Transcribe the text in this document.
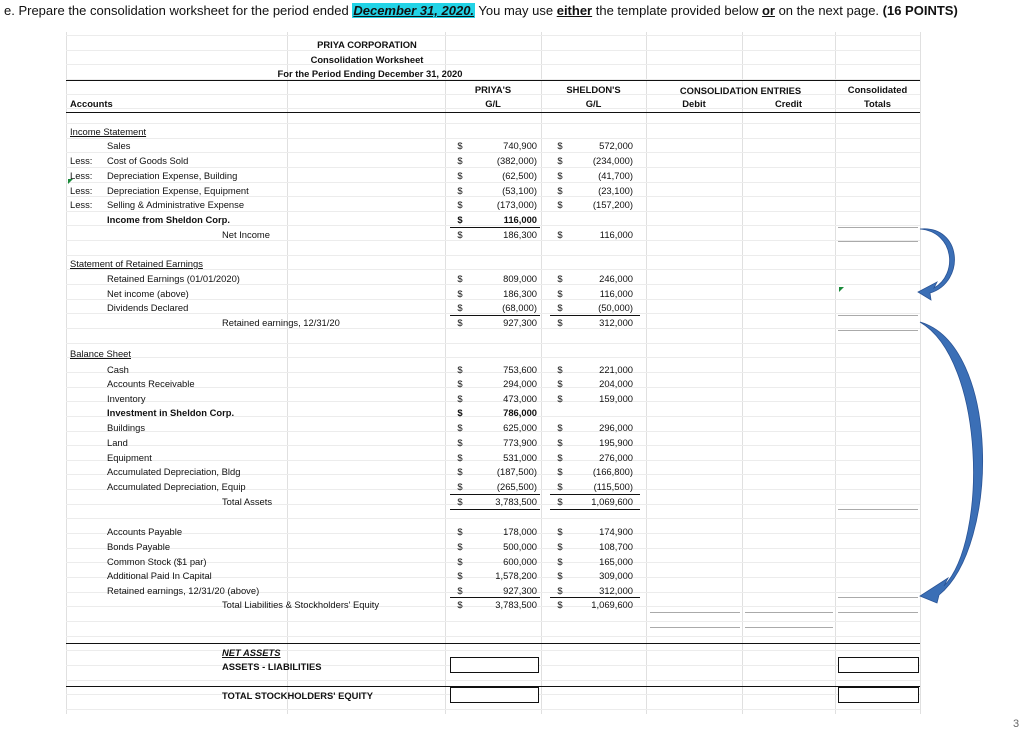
e. Prepare the consolidation worksheet for the period ended December 31, 2020. You may use either the template provided below or on the next page. (16 POINTS)
PRIYA CORPORATION
Consolidation Worksheet
For the Period Ending December 31, 2020
PRIYA'S
G/L
SHELDON'S
G/L
CONSOLIDATION ENTRIES
Debit	Credit
Consolidated
Totals
Accounts
Income Statement
Sales	$	740,900 $	572,000
Less: Cost of Goods Sold	$	(382,000) $	(234,000)
Less: Depreciation Expense, Building	$	(62,500) $	(41,700)
Less: Depreciation Expense, Equipment	$	(53,100) $	(23,100)
Less: Selling & Administrative Expense	$	(173,000) $	(157,200)
Income from Sheldon Corp.	$	116,000
Net Income	$	186,300 $	116,000
Statement of Retained Earnings
Retained Earnings (01/01/2020)	$	809,000 $	246,000
Net income (above)	$	186,300 $	116,000
Dividends Declared	$	(68,000) $	(50,000)
Retained earnings, 12/31/20	$	927,300 $	312,000
Balance Sheet
Cash	$	753,600 $	221,000
Accounts Receivable	$	294,000 $	204,000
Inventory	$	473,000 $	159,000
Investment in Sheldon Corp.	$	786,000
Buildings	$	625,000 $	296,000
Land	$	773,900 $	195,900
Equipment	$	531,000 $	276,000
Accumulated Depreciation, Bldg	$	(187,500) $	(166,800)
Accumulated Depreciation, Equip	$	(265,500) $	(115,500)
Total Assets	$	3,783,500 $	1,069,600
Accounts Payable	$	178,000 $	174,900
Bonds Payable	$	500,000 $	108,700
Common Stock ($1 par)	$	600,000 $	165,000
Additional Paid In Capital	$	1,578,200 $	309,000
Retained earnings, 12/31/20 (above)	$	927,300 $	312,000
Total Liabilities & Stockholders' Equity	$	3,783,500 $	1,069,600
NET ASSETS
ASSETS - LIABILITIES
TOTAL STOCKHOLDERS' EQUITY
3
